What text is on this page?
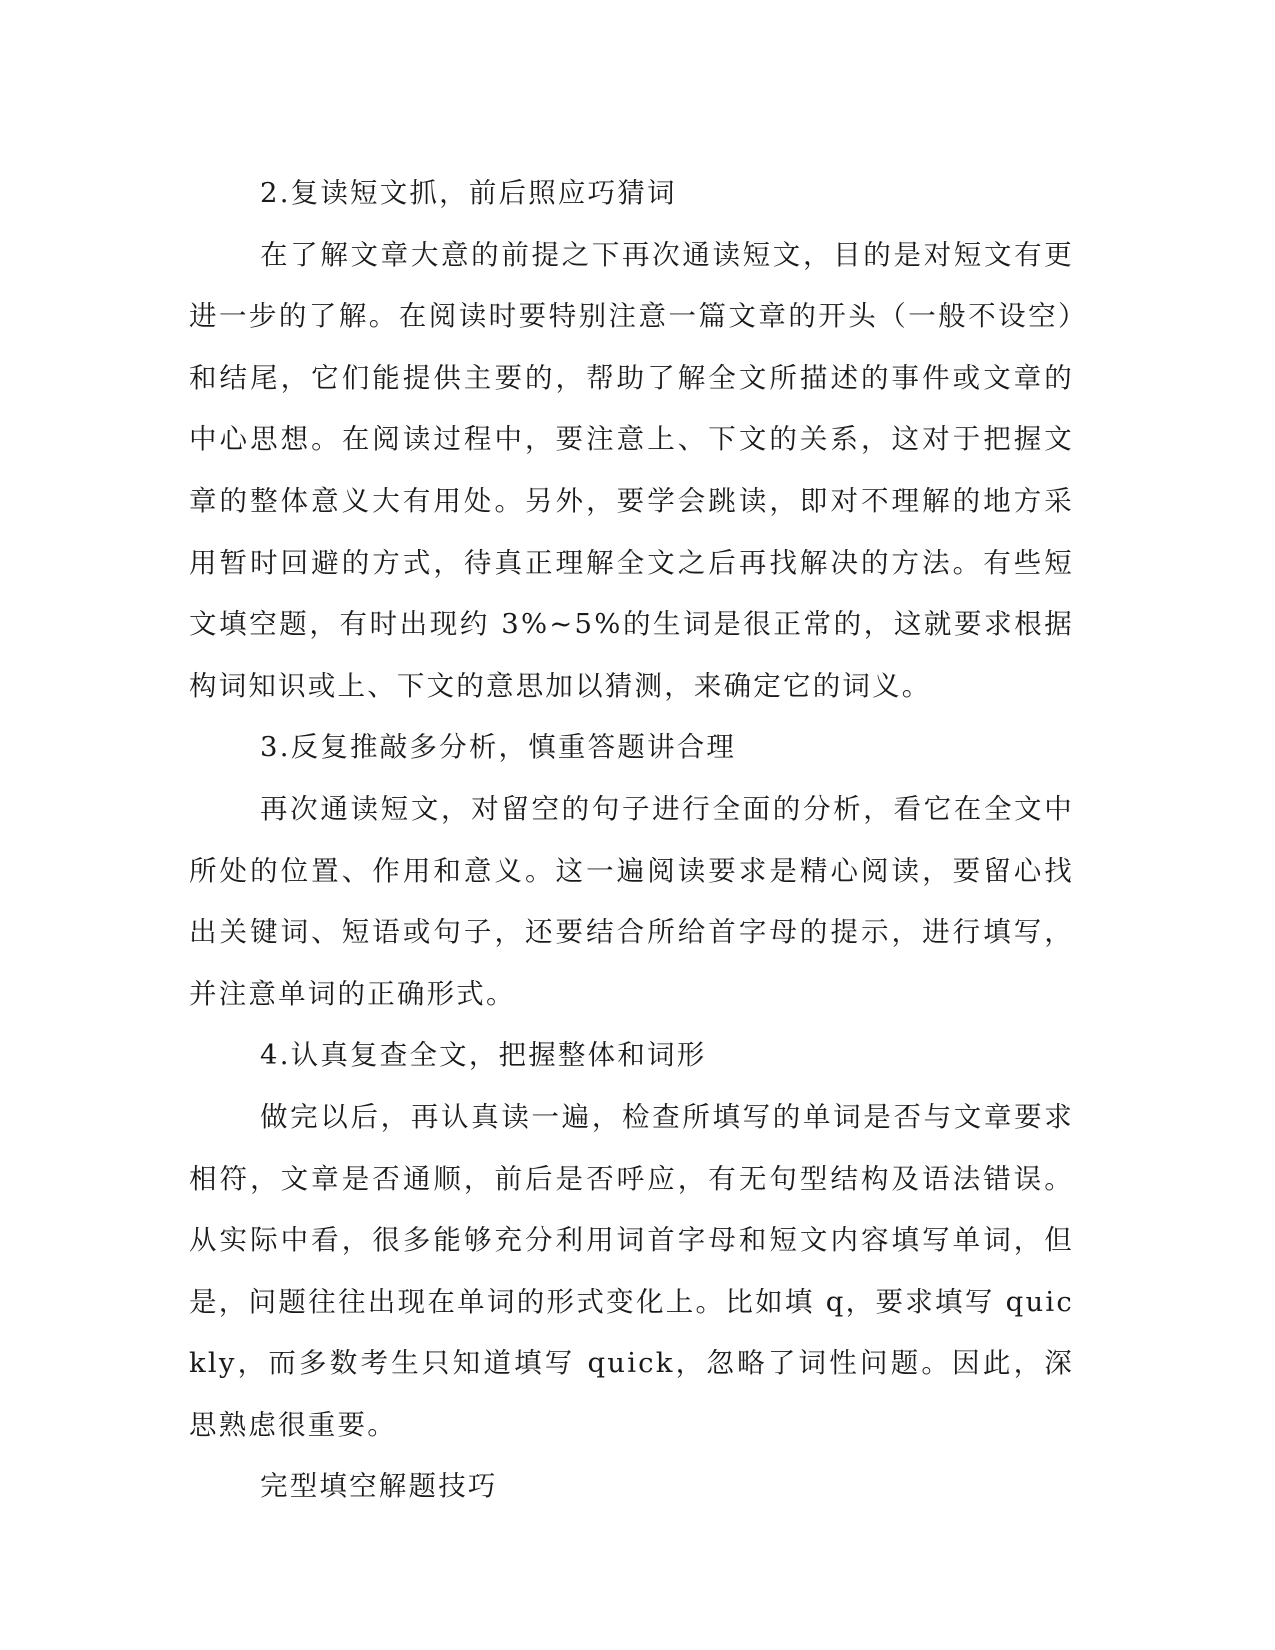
2.复读短文抓，前后照应巧猜词

在了解文章大意的前提之下再次通读短文，目的是对短文有更进一步的了解。在阅读时要特别注意一篇文章的开头（一般不设空）和结尾，它们能提供主要的，帮助了解全文所描述的事件或文章的中心思想。在阅读过程中，要注意上、下文的关系，这对于把握文章的整体意义大有用处。另外，要学会跳读，即对不理解的地方采用暂时回避的方式，待真正理解全文之后再找解决的方法。有些短文填空题，有时出现约 3%~5%的生词是很正常的，这就要求根据构词知识或上、下文的意思加以猜测，来确定它的词义。

3.反复推敲多分析，慎重答题讲合理

再次通读短文，对留空的句子进行全面的分析，看它在全文中所处的位置、作用和意义。这一遍阅读要求是精心阅读，要留心找出关键词、短语或句子，还要结合所给首字母的提示，进行填写，并注意单词的正确形式。

4.认真复查全文，把握整体和词形

做完以后，再认真读一遍，检查所填写的单词是否与文章要求相符，文章是否通顺，前后是否呼应，有无句型结构及语法错误。从实际中看，很多能够充分利用词首字母和短文内容填写单词，但是，问题往往出现在单词的形式变化上。比如填 q，要求填写 quickly，而多数考生只知道填写 quick，忽略了词性问题。因此，深思熟虑很重要。

完型填空解题技巧
